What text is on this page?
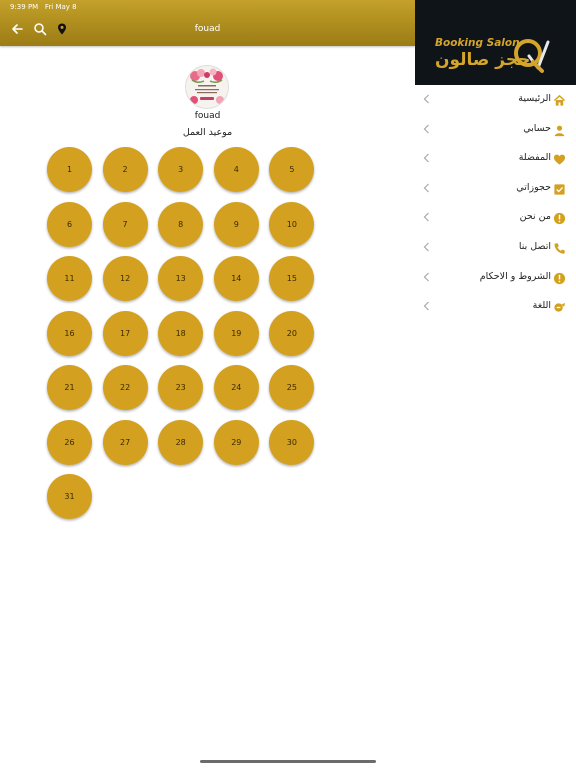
fouad
9:39 PM Fri May 8
fouad
موعيد العمل
1	2	3	4	5
6	7	8	9	10
11	12	13	14	15
16	17	18	19	20
21	22	23	24	25
26	27	28	29	30
31
Booking Salon
حجز صالون
الرئيسية
حسابي
المفضلة
حجوزاتي
من نحن
اتصل بنا
الشروط و الاحكام
اللغة
